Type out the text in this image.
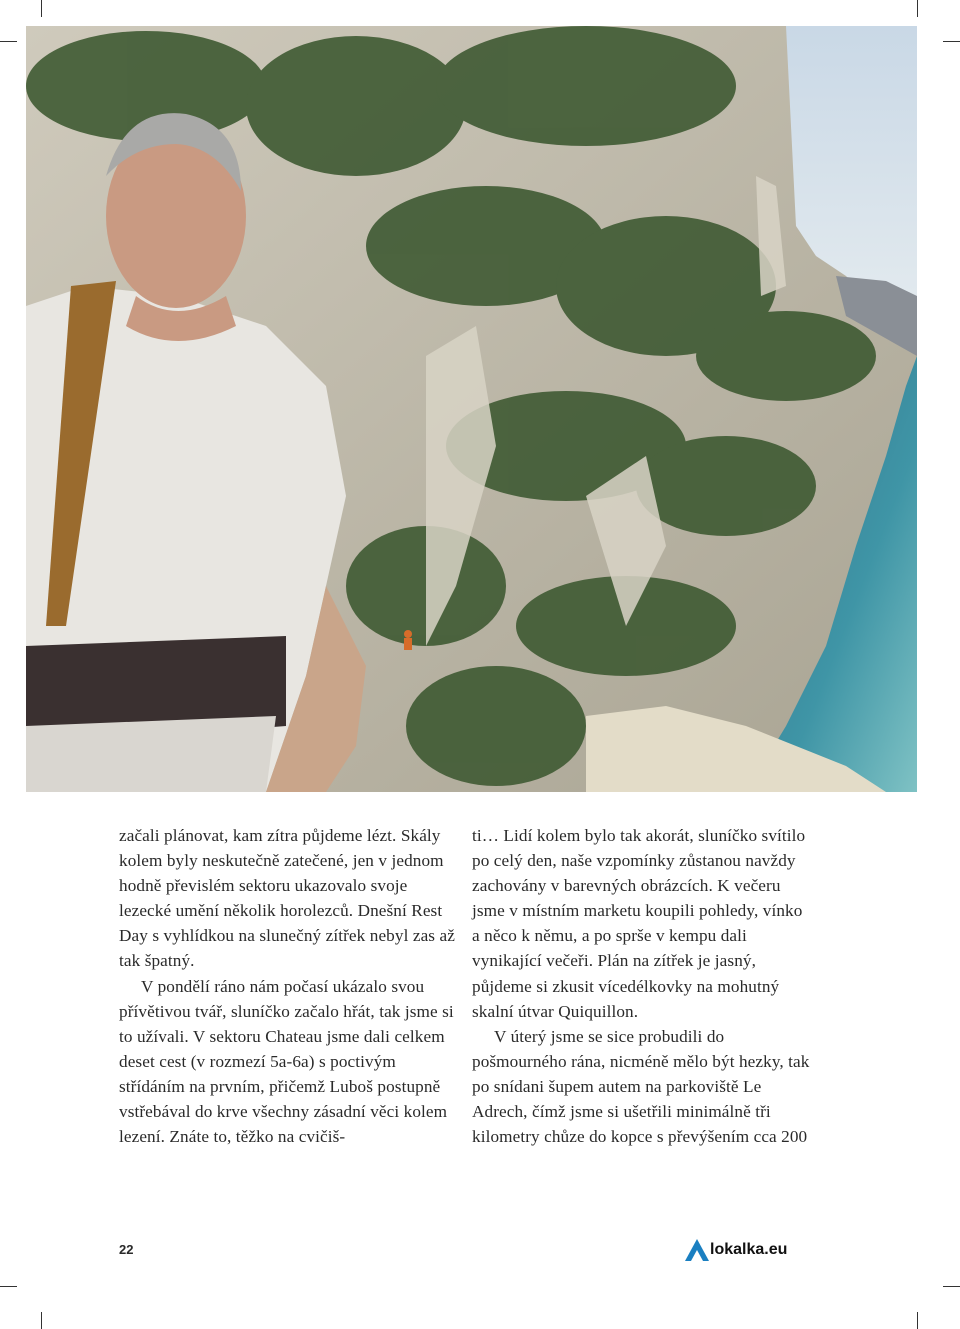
začali plánovat, kam zítra půjdeme lézt. Skály kolem byly neskutečně zatečené, jen v jednom hodně převislém sektoru ukazovalo svoje lezecké umění několik horolezců. Dnešní Rest Day s vyhlídkou na slunečný zítřek nebyl zas až tak špatný.

V pondělí ráno nám počasí ukázalo svou přívětivou tvář, sluníčko začalo hřát, tak jsme si to užívali. V sektoru Chateau jsme dali celkem deset cest (v rozmezí 5a-6a) s poctivým střídáním na prvním, přičemž Luboš postupně vstřebával do krve všechny zásadní věci kolem lezení. Znáte to, těžko na cvičiš-

ti… Lidí kolem bylo tak akorát, sluníčko svítilo po celý den, naše vzpomínky zůstanou navždy zachovány v barevných obrázcích. K večeru jsme v místním marketu koupili pohledy, vínko a něco k němu, a po sprše v kempu dali vynikající večeři. Plán na zítřek je jasný, půjdeme si zkusit vícedélkovky na mohutný skalní útvar Quiquillon.

V úterý jsme se sice probudili do pošmourného rána, nicméně mělo být hezky, tak po snídani šupem autem na parkoviště Le Adrech, čímž jsme si ušetřili minimálně tři kilometry chůze do kopce s převýšením cca 200

22	lokalka.eu
